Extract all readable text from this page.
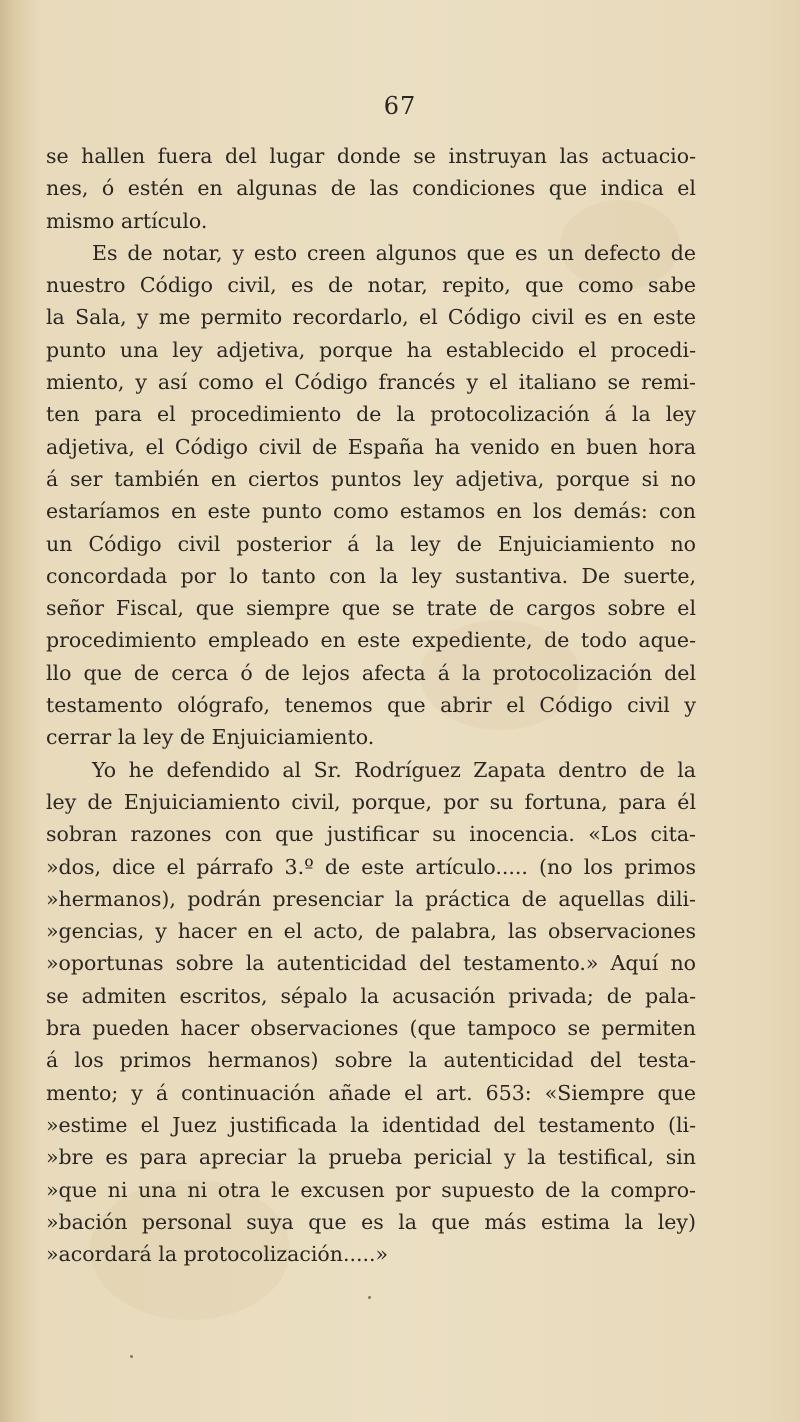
67
se hallen fuera del lugar donde se instruyan las actuacio-
nes, ó estén en algunas de las condiciones que indica el
mismo artículo.
Es de notar, y esto creen algunos que es un defecto de
nuestro Código civil, es de notar, repito, que como sabe
la Sala, y me permito recordarlo, el Código civil es en este
punto una ley adjetiva, porque ha establecido el procedi-
miento, y así como el Código francés y el italiano se remi-
ten para el procedimiento de la protocolización á la ley
adjetiva, el Código civil de España ha venido en buen hora
á ser también en ciertos puntos ley adjetiva, porque si no
estaríamos en este punto como estamos en los demás: con
un Código civil posterior á la ley de Enjuiciamiento no
concordada por lo tanto con la ley sustantiva. De suerte,
señor Fiscal, que siempre que se trate de cargos sobre el
procedimiento empleado en este expediente, de todo aque-
llo que de cerca ó de lejos afecta á la protocolización del
testamento ológrafo, tenemos que abrir el Código civil y
cerrar la ley de Enjuiciamiento.
Yo he defendido al Sr. Rodríguez Zapata dentro de la
ley de Enjuiciamiento civil, porque, por su fortuna, para él
sobran razones con que justificar su inocencia. «Los cita-
»dos, dice el párrafo 3.º de este artículo..... (no los primos
»hermanos), podrán presenciar la práctica de aquellas dili-
»gencias, y hacer en el acto, de palabra, las observaciones
»oportunas sobre la autenticidad del testamento.» Aquí no
se admiten escritos, sépalo la acusación privada; de pala-
bra pueden hacer observaciones (que tampoco se permiten
á los primos hermanos) sobre la autenticidad del testa-
mento; y á continuación añade el art. 653: «Siempre que
»estime el Juez justificada la identidad del testamento (li-
»bre es para apreciar la prueba pericial y la testifical, sin
»que ni una ni otra le excusen por supuesto de la compro-
»bación personal suya que es la que más estima la ley)
»acordará la protocolización.....»
